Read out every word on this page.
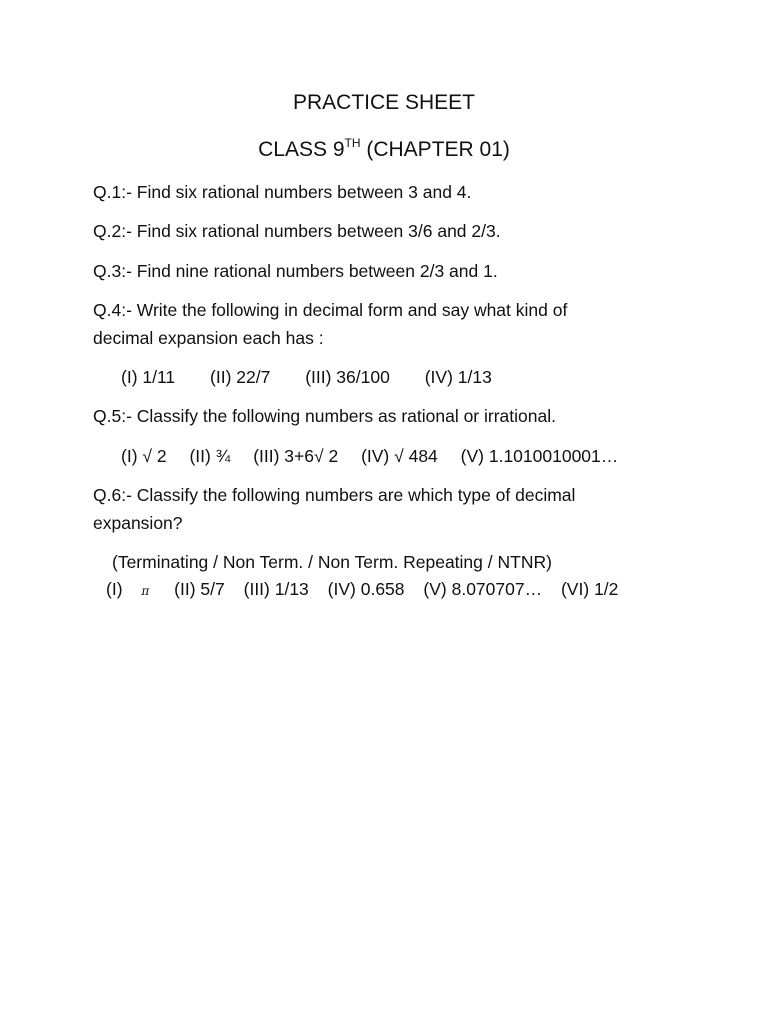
PRACTICE SHEET
CLASS 9TH (CHAPTER 01)
Q.1:- Find six rational numbers between 3 and 4.
Q.2:- Find six rational numbers between 3/6 and 2/3.
Q.3:- Find nine rational numbers between 2/3 and 1.
Q.4:- Write the following in decimal form and say what kind of
decimal expansion each has :
(I) 1/11 (II) 22/7 (III) 36/100 (IV) 1/13
Q.5:- Classify the following numbers as rational or irrational.
(I) √ 2 (II) ¾ (III) 3+6√ 2 (IV) √ 484 (V) 1.1010010001…
Q.6:- Classify the following numbers are which type of decimal
expansion?
(Terminating / Non Term. / Non Term. Repeating / NTNR)
(I) π (II) 5/7 (III) 1/13 (IV) 0.658 (V) 8.070707… (VI) 1/2
